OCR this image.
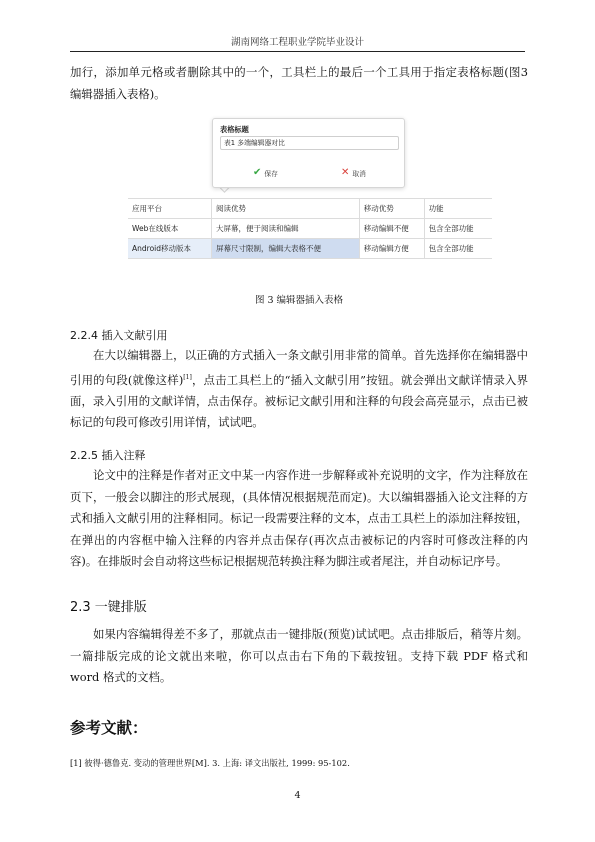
湖南网络工程职业学院毕业设计

加行，添加单元格或者删除其中的一个，工具栏上的最后一个工具用于指定表格标题(图3 编辑器插入表格)。

表格标题
表1 多端编辑器对比
✔ 保存	✕ 取消
应用平台	阅读优势	移动优势	功能
Web在线版本	大屏幕，便于阅读和编辑	移动编辑不便	包含全部功能
Android移动版本	屏幕尺寸限制，编辑大表格不便	移动编辑方便	包含全部功能
图 3 编辑器插入表格
2.2.4 插入文献引用

在大以编辑器上，以正确的方式插入一条文献引用非常的简单。首先选择你在编辑器中引用的句段(就像这样)[1]，点击工具栏上的“插入文献引用”按钮。就会弹出文献详情录入界面，录入引用的文献详情，点击保存。被标记文献引用和注释的句段会高亮显示，点击已被标记的句段可修改引用详情，试试吧。

2.2.5 插入注释

论文中的注释是作者对正文中某一内容作进一步解释或补充说明的文字，作为注释放在页下，一般会以脚注的形式展现，(具体情况根据规范而定)。大以编辑器插入论文注释的方式和插入文献引用的注释相同。标记一段需要注释的文本，点击工具栏上的添加注释按钮，在弹出的内容框中输入注释的内容并点击保存(再次点击被标记的内容时可修改注释的内容)。在排版时会自动将这些标记根据规范转换注释为脚注或者尾注，并自动标记序号。

2.3 一键排版

如果内容编辑得差不多了，那就点击一键排版(预览)试试吧。点击排版后，稍等片刻。一篇排版完成的论文就出来啦，你可以点击右下角的下载按钮。支持下载 PDF 格式和 word 格式的文档。

参考文献：

[1] 彼得·德鲁克. 变动的管理世界[M]. 3. 上海: 译文出版社, 1999: 95-102.

4
